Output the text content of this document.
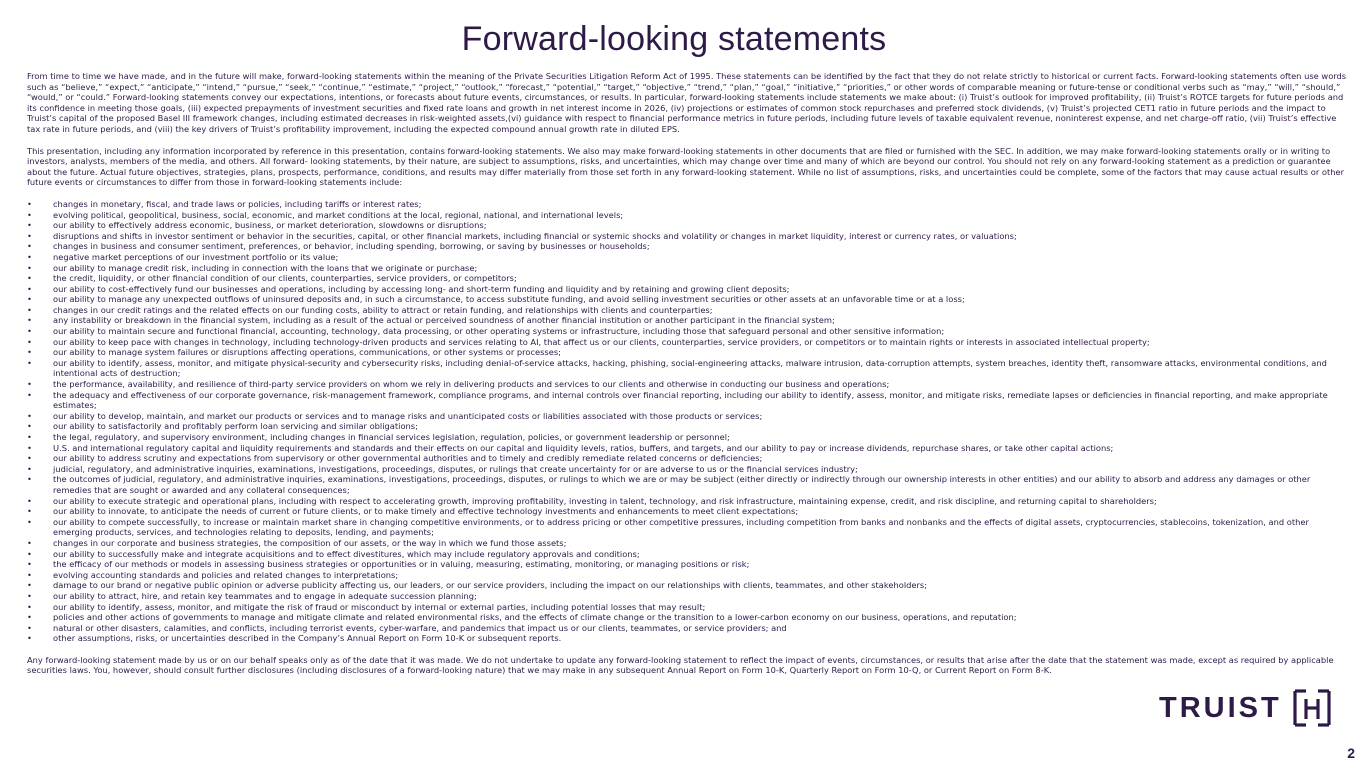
Forward-looking statements

From time to time we have made, and in the future will make, forward-looking statements within the meaning of the Private Securities Litigation Reform Act of 1995. These statements can be identified by the fact that they do not relate strictly to historical or current facts. Forward-looking statements often use words such as “believe,” “expect,” “anticipate,” “intend,” “pursue,” “seek,” “continue,” “estimate,” “project,” “outlook,” “forecast,” “potential,” “target,” “objective,” “trend,” “plan,” “goal,” “initiative,” “priorities,” or other words of comparable meaning or future-tense or conditional verbs such as “may,” “will,” “should,” “would,” or “could.” Forward-looking statements convey our expectations, intentions, or forecasts about future events, circumstances, or results. In particular, forward-looking statements include statements we make about: (i) Truist’s outlook for improved profitability, (ii) Truist’s ROTCE targets for future periods and its confidence in meeting those goals, (iii) expected prepayments of investment securities and fixed rate loans and growth in net interest income in 2026, (iv) projections or estimates of common stock repurchases and preferred stock dividends, (v) Truist’s projected CET1 ratio in future periods and the impact to Truist’s capital of the proposed Basel III framework changes, including estimated decreases in risk-weighted assets,(vi) guidance with respect to financial performance metrics in future periods, including future levels of taxable equivalent revenue, noninterest expense, and net charge-off ratio, (vii) Truist’s effective tax rate in future periods, and (viii) the key drivers of Truist’s profitability improvement, including the expected compound annual growth rate in diluted EPS.

This presentation, including any information incorporated by reference in this presentation, contains forward-looking statements. We also may make forward-looking statements in other documents that are filed or furnished with the SEC. In addition, we may make forward-looking statements orally or in writing to investors, analysts, members of the media, and others. All forward- looking statements, by their nature, are subject to assumptions, risks, and uncertainties, which may change over time and many of which are beyond our control. You should not rely on any forward-looking statement as a prediction or guarantee about the future. Actual future objectives, strategies, plans, prospects, performance, conditions, and results may differ materially from those set forth in any forward-looking statement. While no list of assumptions, risks, and uncertainties could be complete, some of the factors that may cause actual results or other future events or circumstances to differ from those in forward-looking statements include:

•	changes in monetary, fiscal, and trade laws or policies, including tariffs or interest rates;
•	evolving political, geopolitical, business, social, economic, and market conditions at the local, regional, national, and international levels;
•	our ability to effectively address economic, business, or market deterioration, slowdowns or disruptions;
•	disruptions and shifts in investor sentiment or behavior in the securities, capital, or other financial markets, including financial or systemic shocks and volatility or changes in market liquidity, interest or currency rates, or valuations;
•	changes in business and consumer sentiment, preferences, or behavior, including spending, borrowing, or saving by businesses or households;
•	negative market perceptions of our investment portfolio or its value;
•	our ability to manage credit risk, including in connection with the loans that we originate or purchase;
•	the credit, liquidity, or other financial condition of our clients, counterparties, service providers, or competitors;
•	our ability to cost-effectively fund our businesses and operations, including by accessing long- and short-term funding and liquidity and by retaining and growing client deposits;
•	our ability to manage any unexpected outflows of uninsured deposits and, in such a circumstance, to access substitute funding, and avoid selling investment securities or other assets at an unfavorable time or at a loss;
•	changes in our credit ratings and the related effects on our funding costs, ability to attract or retain funding, and relationships with clients and counterparties;
•	any instability or breakdown in the financial system, including as a result of the actual or perceived soundness of another financial institution or another participant in the financial system;
•	our ability to maintain secure and functional financial, accounting, technology, data processing, or other operating systems or infrastructure, including those that safeguard personal and other sensitive information;
•	our ability to keep pace with changes in technology, including technology-driven products and services relating to AI, that affect us or our clients, counterparties, service providers, or competitors or to maintain rights or interests in associated intellectual property;
•	our ability to manage system failures or disruptions affecting operations, communications, or other systems or processes;
•	our ability to identify, assess, monitor, and mitigate physical-security and cybersecurity risks, including denial-of-service attacks, hacking, phishing, social-engineering attacks, malware intrusion, data-corruption attempts, system breaches, identity theft, ransomware attacks, environmental conditions, and intentional acts of destruction;
•	the performance, availability, and resilience of third-party service providers on whom we rely in delivering products and services to our clients and otherwise in conducting our business and operations;
•	the adequacy and effectiveness of our corporate governance, risk-management framework, compliance programs, and internal controls over financial reporting, including our ability to identify, assess, monitor, and mitigate risks, remediate lapses or deficiencies in financial reporting, and make appropriate estimates;
•	our ability to develop, maintain, and market our products or services and to manage risks and unanticipated costs or liabilities associated with those products or services;
•	our ability to satisfactorily and profitably perform loan servicing and similar obligations;
•	the legal, regulatory, and supervisory environment, including changes in financial services legislation, regulation, policies, or government leadership or personnel;
•	U.S. and international regulatory capital and liquidity requirements and standards and their effects on our capital and liquidity levels, ratios, buffers, and targets, and our ability to pay or increase dividends, repurchase shares, or take other capital actions;
•	our ability to address scrutiny and expectations from supervisory or other governmental authorities and to timely and credibly remediate related concerns or deficiencies;
•	judicial, regulatory, and administrative inquiries, examinations, investigations, proceedings, disputes, or rulings that create uncertainty for or are adverse to us or the financial services industry;
•	the outcomes of judicial, regulatory, and administrative inquiries, examinations, investigations, proceedings, disputes, or rulings to which we are or may be subject (either directly or indirectly through our ownership interests in other entities) and our ability to absorb and address any damages or other remedies that are sought or awarded and any collateral consequences;
•	our ability to execute strategic and operational plans, including with respect to accelerating growth, improving profitability, investing in talent, technology, and risk infrastructure, maintaining expense, credit, and risk discipline, and returning capital to shareholders;
•	our ability to innovate, to anticipate the needs of current or future clients, or to make timely and effective technology investments and enhancements to meet client expectations;
•	our ability to compete successfully, to increase or maintain market share in changing competitive environments, or to address pricing or other competitive pressures, including competition from banks and nonbanks and the effects of digital assets, cryptocurrencies, stablecoins, tokenization, and other emerging products, services, and technologies relating to deposits, lending, and payments;
•	changes in our corporate and business strategies, the composition of our assets, or the way in which we fund those assets;
•	our ability to successfully make and integrate acquisitions and to effect divestitures, which may include regulatory approvals and conditions;
•	the efficacy of our methods or models in assessing business strategies or opportunities or in valuing, measuring, estimating, monitoring, or managing positions or risk;
•	evolving accounting standards and policies and related changes to interpretations;
•	damage to our brand or negative public opinion or adverse publicity affecting us, our leaders, or our service providers, including the impact on our relationships with clients, teammates, and other stakeholders;
•	our ability to attract, hire, and retain key teammates and to engage in adequate succession planning;
•	our ability to identify, assess, monitor, and mitigate the risk of fraud or misconduct by internal or external parties, including potential losses that may result;
•	policies and other actions of governments to manage and mitigate climate and related environmental risks, and the effects of climate change or the transition to a lower-carbon economy on our business, operations, and reputation;
•	natural or other disasters, calamities, and conflicts, including terrorist events, cyber-warfare, and pandemics that impact us or our clients, teammates, or service providers; and
•	other assumptions, risks, or uncertainties described in the Company’s Annual Report on Form 10-K or subsequent reports.

Any forward-looking statement made by us or on our behalf speaks only as of the date that it was made. We do not undertake to update any forward-looking statement to reflect the impact of events, circumstances, or results that arise after the date that the statement was made, except as required by applicable securities laws. You, however, should consult further disclosures (including disclosures of a forward-looking nature) that we may make in any subsequent Annual Report on Form 10-K, Quarterly Report on Form 10-Q, or Current Report on Form 8-K.

TRUIST
2
